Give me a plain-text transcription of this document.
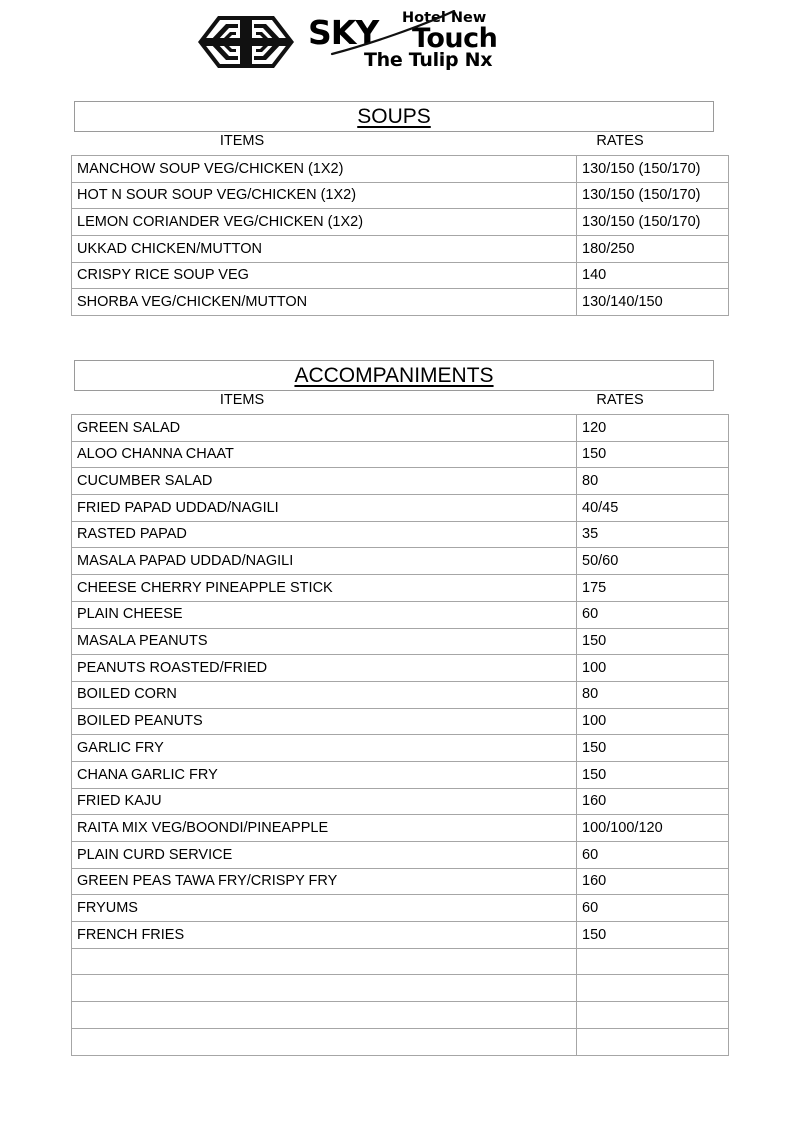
SKY Hotel New
Touch
The Tulip Nx
SOUPS
ITEMS	RATES
MANCHOW SOUP VEG/CHICKEN (1X2)	130/150 (150/170)
HOT N SOUR SOUP VEG/CHICKEN (1X2)	130/150 (150/170)
LEMON CORIANDER VEG/CHICKEN (1X2)	130/150 (150/170)
UKKAD CHICKEN/MUTTON	180/250
CRISPY RICE SOUP VEG	140
SHORBA VEG/CHICKEN/MUTTON	130/140/150
ACCOMPANIMENTS
ITEMS	RATES
GREEN SALAD	120
ALOO CHANNA CHAAT	150
CUCUMBER SALAD	80
FRIED PAPAD UDDAD/NAGILI	40/45
RASTED PAPAD	35
MASALA PAPAD UDDAD/NAGILI	50/60
CHEESE CHERRY PINEAPPLE STICK	175
PLAIN CHEESE	60
MASALA PEANUTS	150
PEANUTS ROASTED/FRIED	100
BOILED CORN	80
BOILED PEANUTS	100
GARLIC FRY	150
CHANA GARLIC FRY	150
FRIED KAJU	160
RAITA MIX VEG/BOONDI/PINEAPPLE	100/100/120
PLAIN CURD SERVICE	60
GREEN PEAS TAWA FRY/CRISPY FRY	160
FRYUMS	60
FRENCH FRIES	150
